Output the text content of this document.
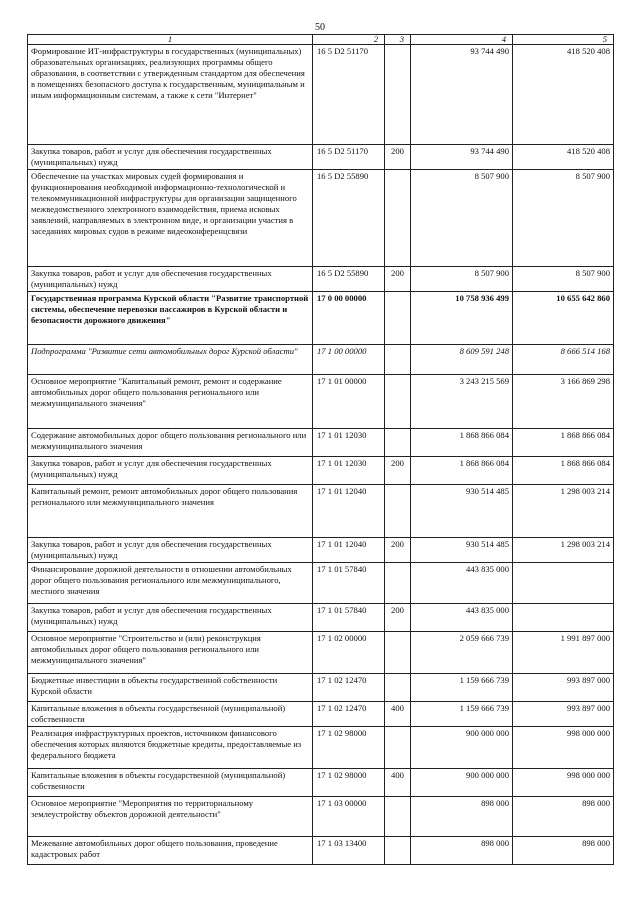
50
1	2	3	4	5
Формирование ИТ-инфраструктуры в государственных (муниципальных) образовательных организациях, реализующих программы общего образования, в соответствии с утвержденным стандартом для обеспечения в помещениях безопасного доступа к государственным, муниципальным и иным информационным системам, а также к сети "Интернет"	16 5 D2 51170		93 744 490	418 520 408
Закупка товаров, работ и услуг для обеспечения государственных (муниципальных) нужд	16 5 D2 51170	200	93 744 490	418 520 408
Обеспечение на участках мировых судей формирования и функционирования необходимой информационно-технологической и телекоммуникационной инфраструктуры для организации защищенного межведомственного электронного взаимодействия, приема исковых заявлений, направляемых в электронном виде, и организации участия в заседаниях мировых судов в режиме видеоконференцсвязи	16 5 D2 55890		8 507 900	8 507 900
Закупка товаров, работ и услуг для обеспечения государственных (муниципальных) нужд	16 5 D2 55890	200	8 507 900	8 507 900
Государственная программа Курской области "Развитие транспортной системы, обеспечение перевозки пассажиров в Курской области и безопасности дорожного движения"	17 0 00 00000		10 758 936 499	10 655 642 860
Подпрограмма "Развитие сети автомобильных дорог Курской области"	17 1 00 00000		8 609 591 248	8 666 514 168
Основное мероприятие "Капитальный ремонт, ремонт и содержание автомобильных дорог общего пользования регионального или межмуниципального значения"	17 1 01 00000		3 243 215 569	3 166 869 298
Содержание автомобильных дорог общего пользования регионального или межмуниципального значения	17 1 01 12030		1 868 866 084	1 868 866 084
Закупка товаров, работ и услуг для обеспечения государственных (муниципальных) нужд	17 1 01 12030	200	1 868 866 084	1 868 866 084
Капитальный ремонт, ремонт автомобильных дорог общего пользования регионального или межмуниципального значения	17 1 01 12040		930 514 485	1 298 003 214
Закупка товаров, работ и услуг для обеспечения государственных (муниципальных) нужд	17 1 01 12040	200	930 514 485	1 298 003 214
Финансирование дорожной деятельности в отношении автомобильных дорог общего пользования регионального или межмуниципального, местного значения	17 1 01 57840		443 835 000	
Закупка товаров, работ и услуг для обеспечения государственных (муниципальных) нужд	17 1 01 57840	200	443 835 000	
Основное мероприятие "Строительство и (или) реконструкция автомобильных дорог общего пользования регионального или межмуниципального значения"	17 1 02 00000		2 059 666 739	1 991 897 000
Бюджетные инвестиции в объекты государственной собственности Курской области	17 1 02 12470		1 159 666 739	993 897 000
Капитальные вложения в объекты государственной (муниципальной) собственности	17 1 02 12470	400	1 159 666 739	993 897 000
Реализация инфраструктурных проектов, источником финансового обеспечения которых являются бюджетные кредиты, предоставляемые из федерального бюджета	17 1 02 98000		900 000 000	998 000 000
Капитальные вложения в объекты государственной (муниципальной) собственности	17 1 02 98000	400	900 000 000	998 000 000
Основное мероприятие "Мероприятия по территориальному землеустройству объектов дорожной деятельности"	17 1 03 00000		898 000	898 000
Межевание автомобильных дорог общего пользования, проведение кадастровых работ	17 1 03 13400		898 000	898 000
